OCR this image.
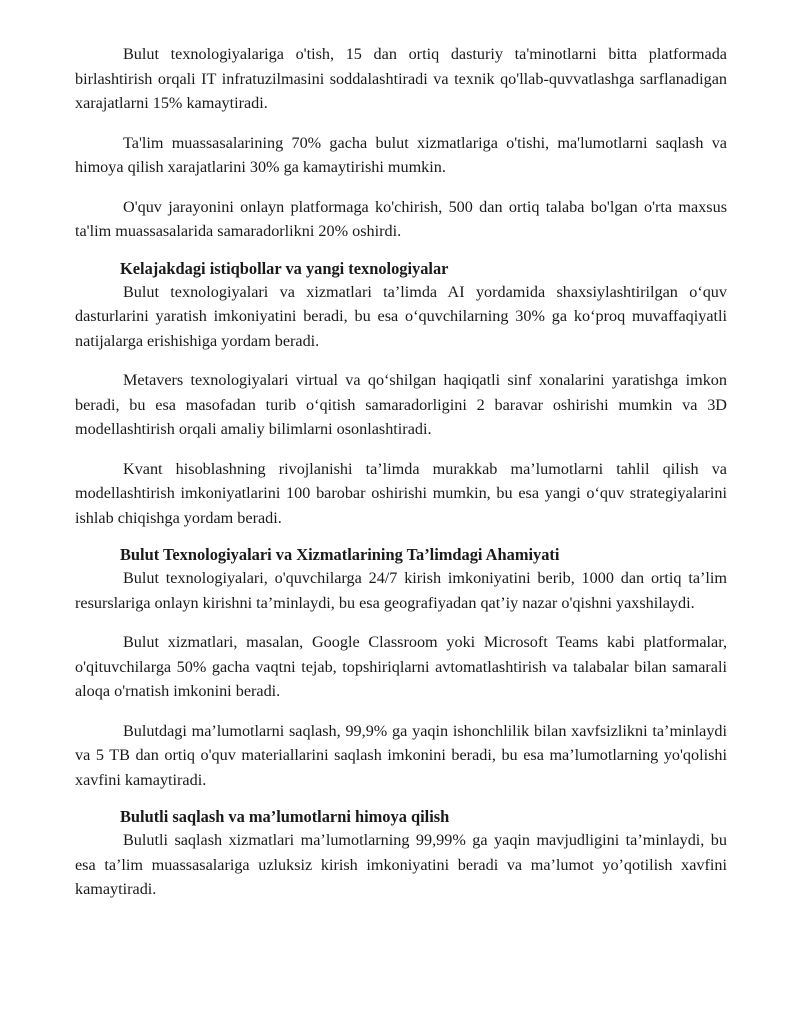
Bulut texnologiyalariga o'tish, 15 dan ortiq dasturiy ta'minotlarni bitta platformada birlashtirish orqali IT infratuzilmasini soddalashtiradi va texnik qo'llab-quvvatlashga sarflanadigan xarajatlarni 15% kamaytiradi.

Ta'lim muassasalarining 70% gacha bulut xizmatlariga o'tishi, ma'lumotlarni saqlash va himoya qilish xarajatlarini 30% ga kamaytirishi mumkin.

O'quv jarayonini onlayn platformaga ko'chirish, 500 dan ortiq talaba bo'lgan o'rta maxsus ta'lim muassasalarida samaradorlikni 20% oshirdi.

Kelajakdagi istiqbollar va yangi texnologiyalar

Bulut texnologiyalari va xizmatlari ta’limda AI yordamida shaxsiylashtirilgan o‘quv dasturlarini yaratish imkoniyatini beradi, bu esa o‘quvchilarning 30% ga ko‘proq muvaffaqiyatli natijalarga erishishiga yordam beradi.

Metavers texnologiyalari virtual va qo‘shilgan haqiqatli sinf xonalarini yaratishga imkon beradi, bu esa masofadan turib o‘qitish samaradorligini 2 baravar oshirishi mumkin va 3D modellashtirish orqali amaliy bilimlarni osonlashtiradi.

Kvant hisoblashning rivojlanishi ta’limda murakkab ma’lumotlarni tahlil qilish va modellashtirish imkoniyatlarini 100 barobar oshirishi mumkin, bu esa yangi o‘quv strategiyalarini ishlab chiqishga yordam beradi.

Bulut Texnologiyalari va Xizmatlarining Ta’limdagi Ahamiyati

Bulut texnologiyalari, o'quvchilarga 24/7 kirish imkoniyatini berib, 1000 dan ortiq ta’lim resurslariga onlayn kirishni ta’minlaydi, bu esa geografiyadan qat’iy nazar o'qishni yaxshilaydi.

Bulut xizmatlari, masalan, Google Classroom yoki Microsoft Teams kabi platformalar, o'qituvchilarga 50% gacha vaqtni tejab, topshiriqlarni avtomatlashtirish va talabalar bilan samarali aloqa o'rnatish imkonini beradi.

Bulutdagi ma’lumotlarni saqlash, 99,9% ga yaqin ishonchlilik bilan xavfsizlikni ta’minlaydi va 5 TB dan ortiq o'quv materiallarini saqlash imkonini beradi, bu esa ma’lumotlarning yo'qolishi xavfini kamaytiradi.

Bulutli saqlash va ma’lumotlarni himoya qilish

Bulutli saqlash xizmatlari ma’lumotlarning 99,99% ga yaqin mavjudligini ta’minlaydi, bu esa ta’lim muassasalariga uzluksiz kirish imkoniyatini beradi va ma’lumot yo’qotilish xavfini kamaytiradi.
